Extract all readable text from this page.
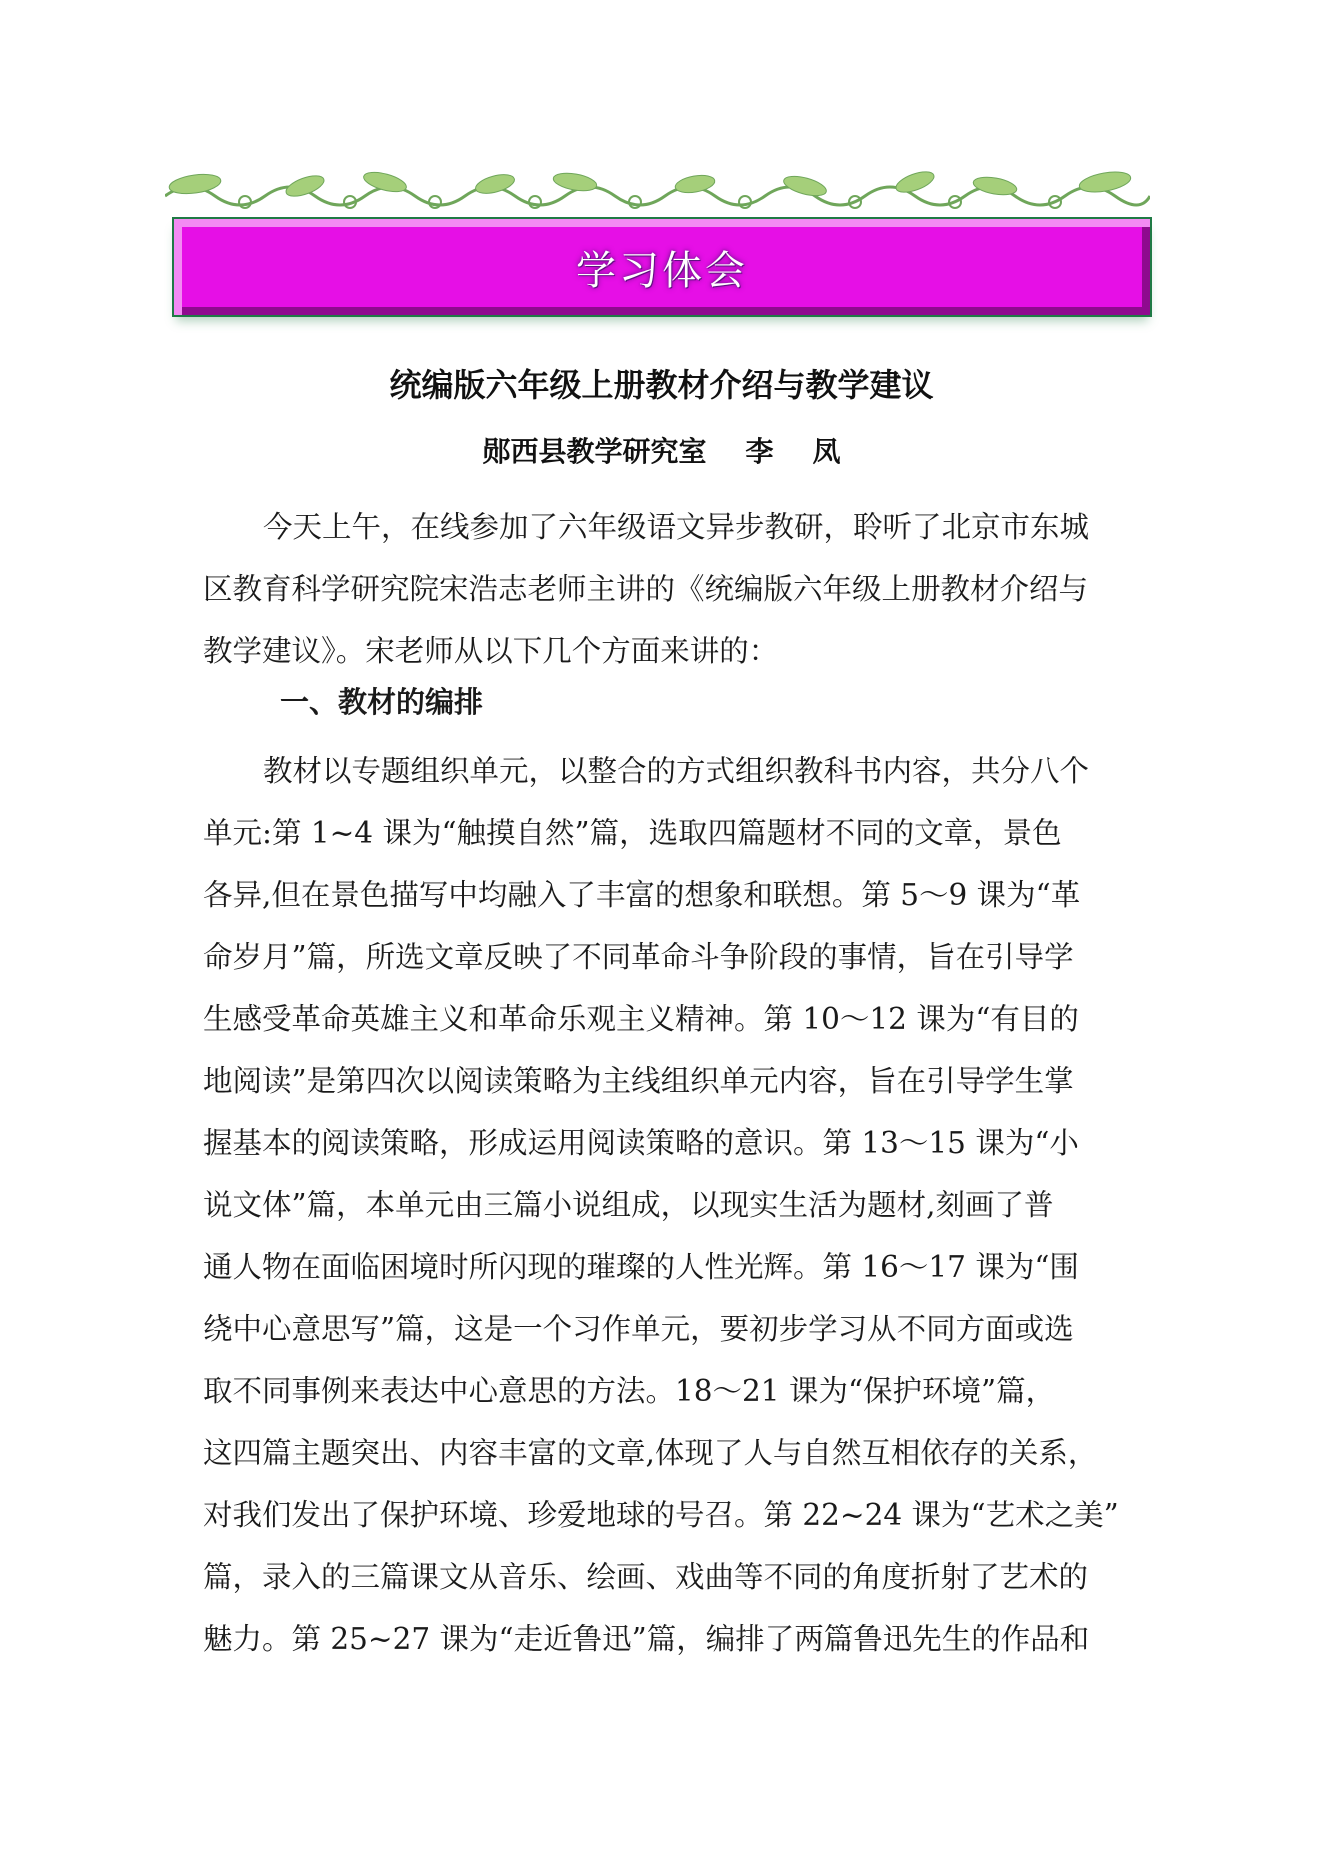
学习体会
统编版六年级上册教材介绍与教学建议
郧西县教学研究室    李    凤
今天上午，在线参加了六年级语文异步教研，聆听了北京市东城
区教育科学研究院宋浩志老师主讲的《统编版六年级上册教材介绍与
教学建议》。宋老师从以下几个方面来讲的：
一、教材的编排
教材以专题组织单元，以整合的方式组织教科书内容，共分八个
单元:第 1~4 课为“触摸自然”篇，选取四篇题材不同的文章，景色
各异,但在景色描写中均融入了丰富的想象和联想。第 5～9 课为“革
命岁月”篇，所选文章反映了不同革命斗争阶段的事情，旨在引导学
生感受革命英雄主义和革命乐观主义精神。第 10～12 课为“有目的
地阅读”是第四次以阅读策略为主线组织单元内容，旨在引导学生掌
握基本的阅读策略，形成运用阅读策略的意识。第 13～15 课为“小
说文体”篇，本单元由三篇小说组成，以现实生活为题材,刻画了普
通人物在面临困境时所闪现的璀璨的人性光辉。第 16～17 课为“围
绕中心意思写”篇，这是一个习作单元，要初步学习从不同方面或选
取不同事例来表达中心意思的方法。18～21 课为“保护环境”篇，
这四篇主题突出、内容丰富的文章,体现了人与自然互相依存的关系，
对我们发出了保护环境、珍爱地球的号召。第 22~24 课为“艺术之美”
篇，录入的三篇课文从音乐、绘画、戏曲等不同的角度折射了艺术的
魅力。第 25~27 课为“走近鲁迅”篇，编排了两篇鲁迅先生的作品和
